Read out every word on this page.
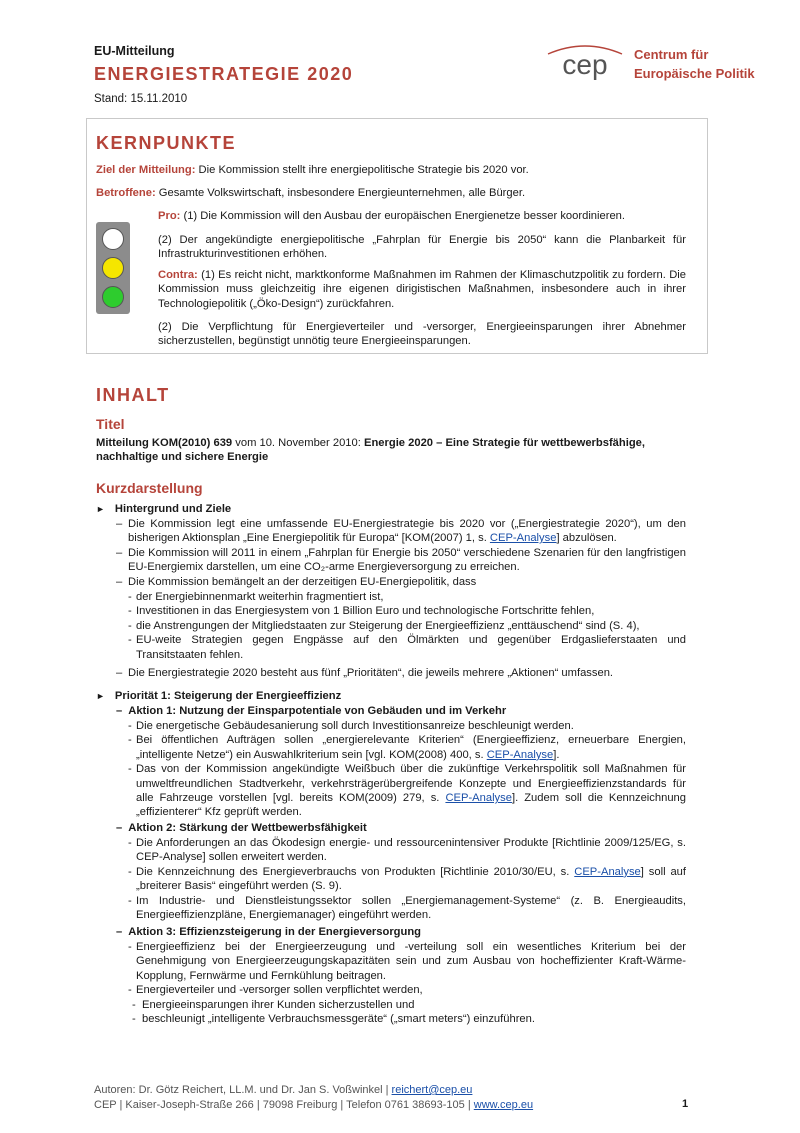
EU-Mitteilung
ENERGIESTRATEGIE 2020
Stand: 15.11.2010
cep Centrum für
Europäische Politik
KERNPUNKTE
Ziel der Mitteilung: Die Kommission stellt ihre energiepolitische Strategie bis 2020 vor.
Betroffene: Gesamte Volkswirtschaft, insbesondere Energieunternehmen, alle Bürger.
Pro: (1) Die Kommission will den Ausbau der europäischen Energienetze besser koordinieren.
(2) Der angekündigte energiepolitische „Fahrplan für Energie bis 2050“ kann die Planbarkeit für Infrastrukturinvestitionen erhöhen.
Contra: (1) Es reicht nicht, marktkonforme Maßnahmen im Rahmen der Klimaschutzpolitik zu fordern. Die Kommission muss gleichzeitig ihre eigenen dirigistischen Maßnahmen, insbesondere auch in ihrer Technologiepolitik („Öko-Design“) zurückfahren.
(2) Die Verpflichtung für Energieverteiler und -versorger, Energieeinsparungen ihrer Abnehmer sicherzustellen, begünstigt unnötig teure Energieeinsparungen.
INHALT
Titel
Mitteilung KOM(2010) 639 vom 10. November 2010: Energie 2020 – Eine Strategie für wettbewerbsfähige, nachhaltige und sichere Energie
Kurzdarstellung
► Hintergrund und Ziele
– Die Kommission legt eine umfassende EU-Energiestrategie bis 2020 vor („Energiestrategie 2020“), um den bisherigen Aktionsplan „Eine Energiepolitik für Europa“ [KOM(2007) 1, s. CEP-Analyse] abzulösen.
– Die Kommission will 2011 in einem „Fahrplan für Energie bis 2050“ verschiedene Szenarien für den langfristigen EU-Energiemix darstellen, um eine CO₂-arme Energieversorgung zu erreichen.
– Die Kommission bemängelt an der derzeitigen EU-Energiepolitik, dass
- der Energiebinnenmarkt weiterhin fragmentiert ist,
- Investitionen in das Energiesystem von 1 Billion Euro und technologische Fortschritte fehlen,
- die Anstrengungen der Mitgliedstaaten zur Steigerung der Energieeffizienz „enttäuschend“ sind (S. 4),
- EU-weite Strategien gegen Engpässe auf den Ölmärkten und gegenüber Erdgaslieferstaaten und Transitstaaten fehlen.
– Die Energiestrategie 2020 besteht aus fünf „Prioritäten“, die jeweils mehrere „Aktionen“ umfassen.
► Priorität 1: Steigerung der Energieeffizienz
– Aktion 1: Nutzung der Einsparpotentiale von Gebäuden und im Verkehr
- Die energetische Gebäudesanierung soll durch Investitionsanreize beschleunigt werden.
- Bei öffentlichen Aufträgen sollen „energierelevante Kriterien“ (Energieeffizienz, erneuerbare Energien, „intelligente Netze“) ein Auswahlkriterium sein [vgl. KOM(2008) 400, s. CEP-Analyse].
- Das von der Kommission angekündigte Weißbuch über die zukünftige Verkehrspolitik soll Maßnahmen für umweltfreundlichen Stadtverkehr, verkehrsträgerübergreifende Konzepte und Energieeffizienzstandards für alle Fahrzeuge vorstellen [vgl. bereits KOM(2009) 279, s. CEP-Analyse]. Zudem soll die Kennzeichnung „effizienterer“ Kfz geprüft werden.
– Aktion 2: Stärkung der Wettbewerbsfähigkeit
- Die Anforderungen an das Ökodesign energie- und ressourcenintensiver Produkte [Richtlinie 2009/125/EG, s. CEP-Analyse] sollen erweitert werden.
- Die Kennzeichnung des Energieverbrauchs von Produkten [Richtlinie 2010/30/EU, s. CEP-Analyse] soll auf „breiterer Basis“ eingeführt werden (S. 9).
- Im Industrie- und Dienstleistungssektor sollen „Energiemanagement-Systeme“ (z. B. Energieaudits, Energieeffizienzpläne, Energiemanager) eingeführt werden.
– Aktion 3: Effizienzsteigerung in der Energieversorgung
- Energieeffizienz bei der Energieerzeugung und -verteilung soll ein wesentliches Kriterium bei der Genehmigung von Energieerzeugungskapazitäten sein und zum Ausbau von hocheffizienter Kraft-Wärme-Kopplung, Fernwärme und Fernkühlung beitragen.
- Energieverteiler und -versorger sollen verpflichtet werden,
- Energieeinsparungen ihrer Kunden sicherzustellen und
- beschleunigt „intelligente Verbrauchsmessgeräte“ („smart meters“) einzuführen.
Autoren: Dr. Götz Reichert, LL.M. und Dr. Jan S. Voßwinkel | reichert@cep.eu
CEP | Kaiser-Joseph-Straße 266 | 79098 Freiburg | Telefon 0761 38693-105 | www.cep.eu	1
